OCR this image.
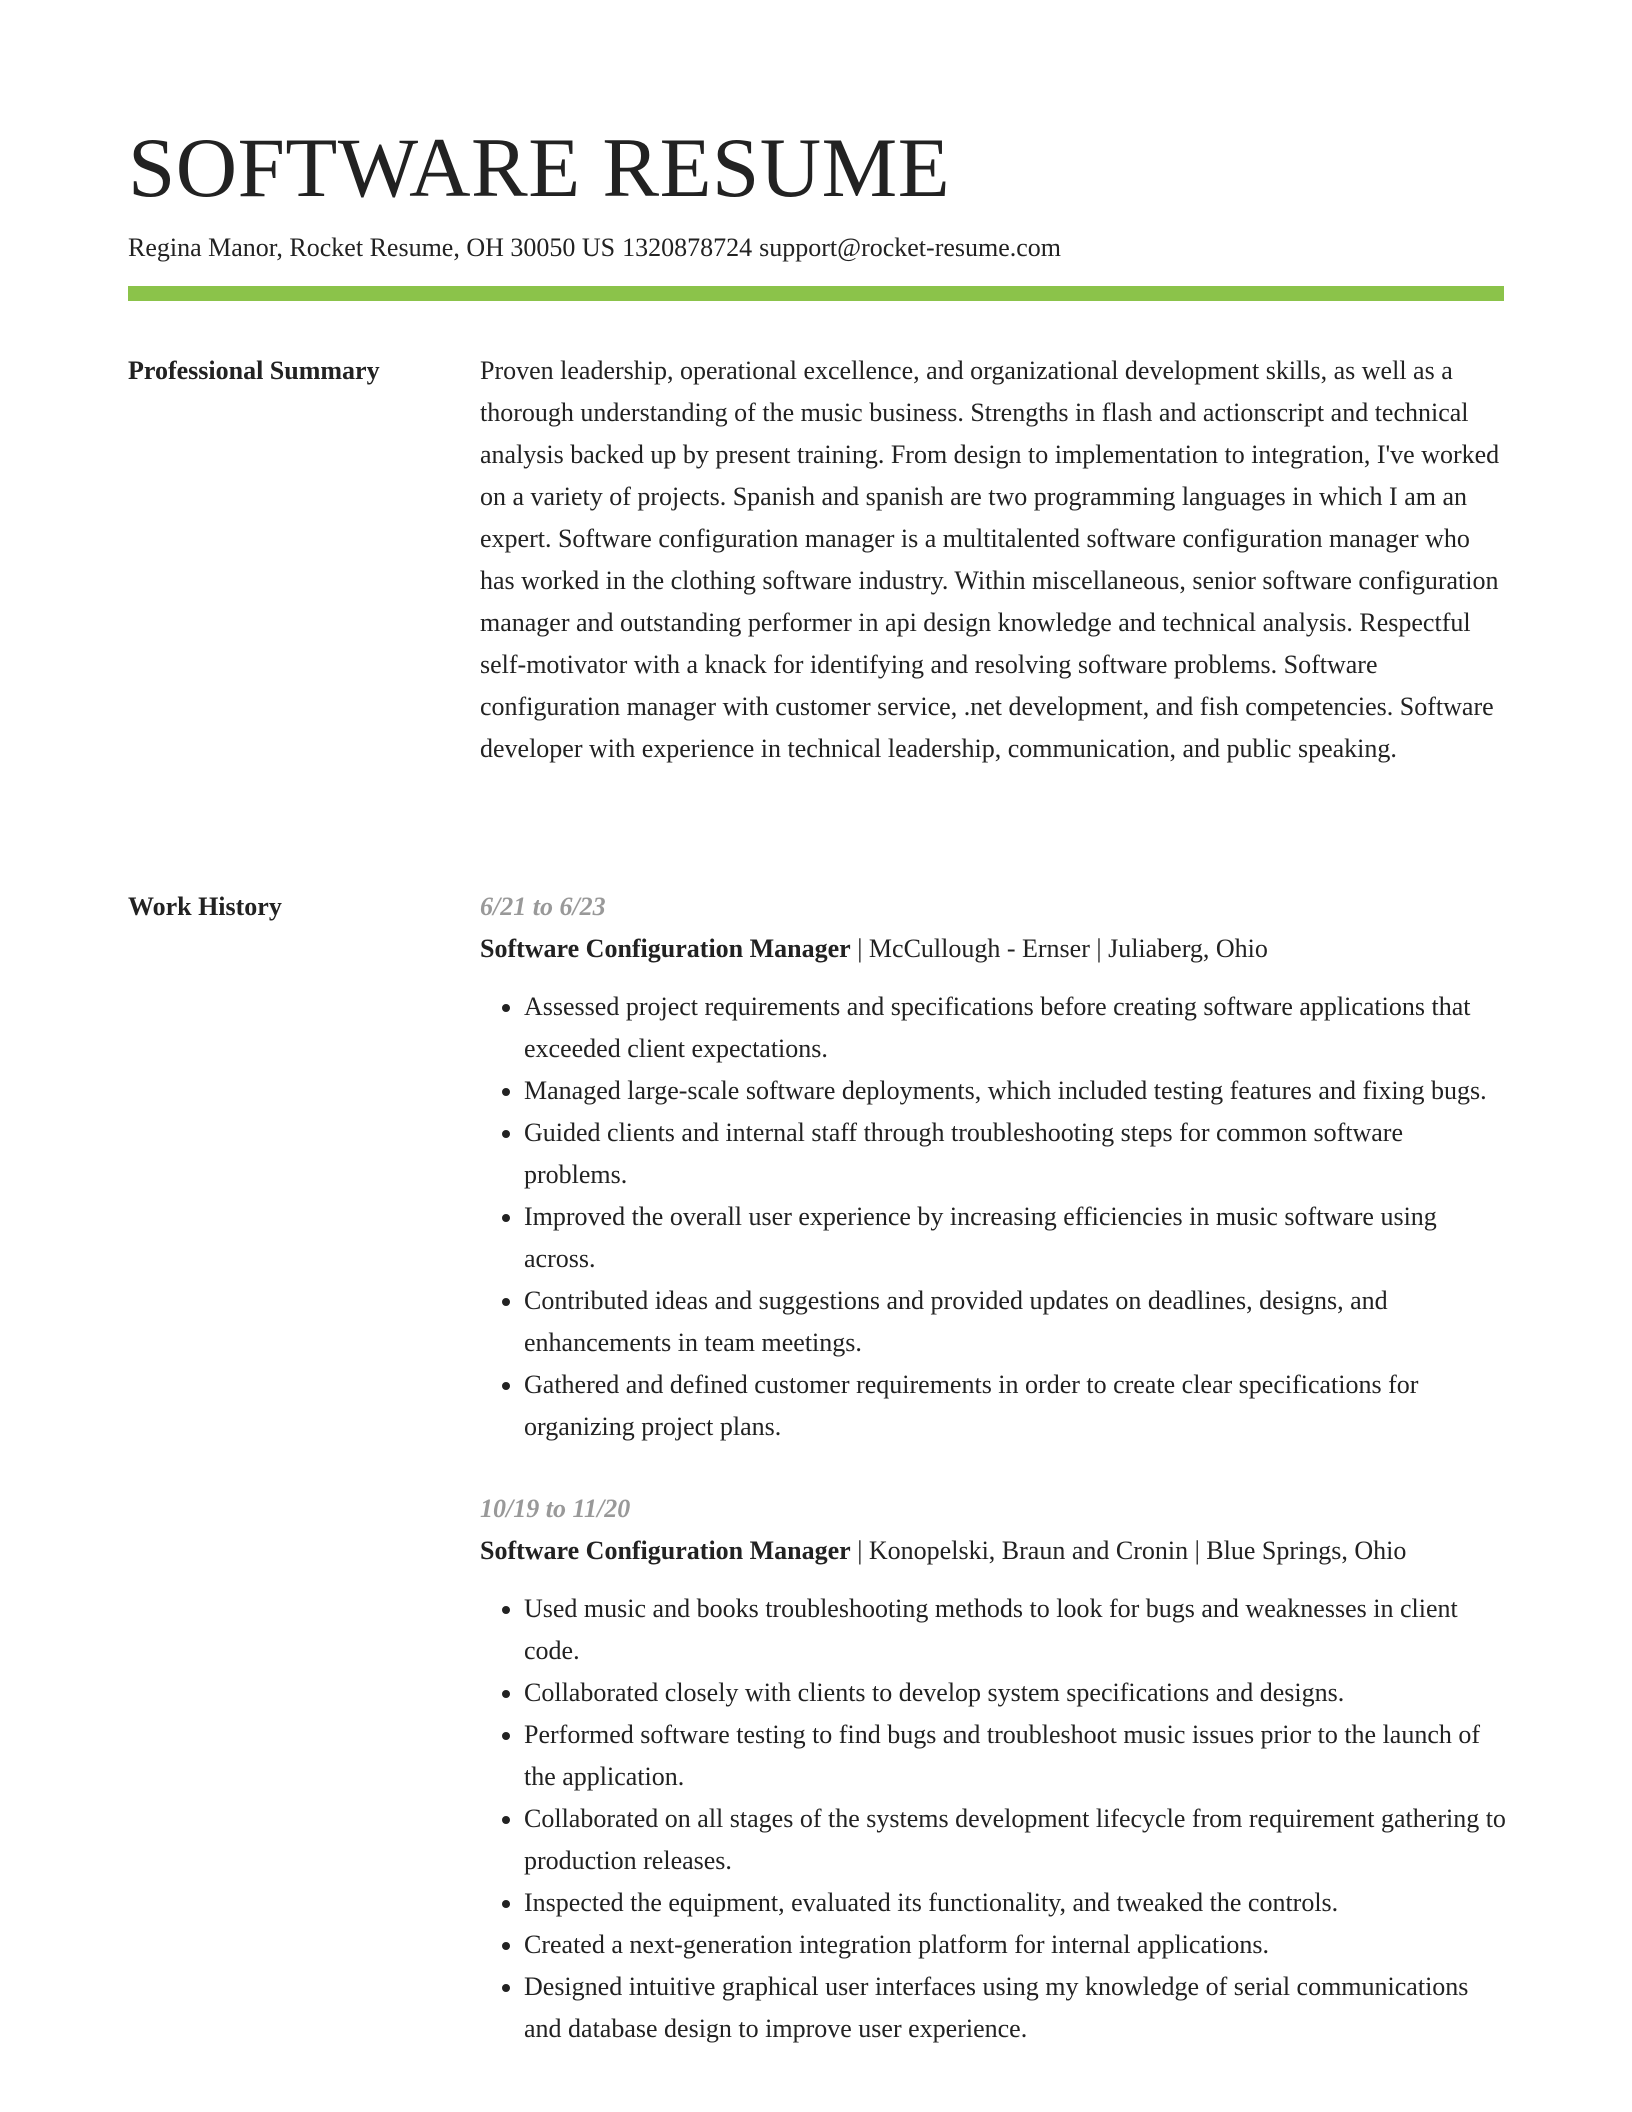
SOFTWARE RESUME
Regina Manor, Rocket Resume, OH 30050 US 1320878724 support@rocket-resume.com
Professional Summary	Proven leadership, operational excellence, and organizational development skills, as well as a thorough understanding of the music business. Strengths in flash and actionscript and technical analysis backed up by present training. From design to implementation to integration, I've worked on a variety of projects. Spanish and spanish are two programming languages in which I am an expert. Software configuration manager is a multitalented software configuration manager who has worked in the clothing software industry. Within miscellaneous, senior software configuration manager and outstanding performer in api design knowledge and technical analysis. Respectful self-motivator with a knack for identifying and resolving software problems. Software configuration manager with customer service, .net development, and fish competencies. Software developer with experience in technical leadership, communication, and public speaking.

Work History	6/21 to 6/23
Software Configuration Manager | McCullough - Ernser | Juliaberg, Ohio
• Assessed project requirements and specifications before creating software applications that exceeded client expectations.
• Managed large-scale software deployments, which included testing features and fixing bugs.
• Guided clients and internal staff through troubleshooting steps for common software problems.
• Improved the overall user experience by increasing efficiencies in music software using across.
• Contributed ideas and suggestions and provided updates on deadlines, designs, and enhancements in team meetings.
• Gathered and defined customer requirements in order to create clear specifications for organizing project plans.
10/19 to 11/20
Software Configuration Manager | Konopelski, Braun and Cronin | Blue Springs, Ohio
• Used music and books troubleshooting methods to look for bugs and weaknesses in client code.
• Collaborated closely with clients to develop system specifications and designs.
• Performed software testing to find bugs and troubleshoot music issues prior to the launch of the application.
• Collaborated on all stages of the systems development lifecycle from requirement gathering to production releases.
• Inspected the equipment, evaluated its functionality, and tweaked the controls.
• Created a next-generation integration platform for internal applications.
• Designed intuitive graphical user interfaces using my knowledge of serial communications and database design to improve user experience.
